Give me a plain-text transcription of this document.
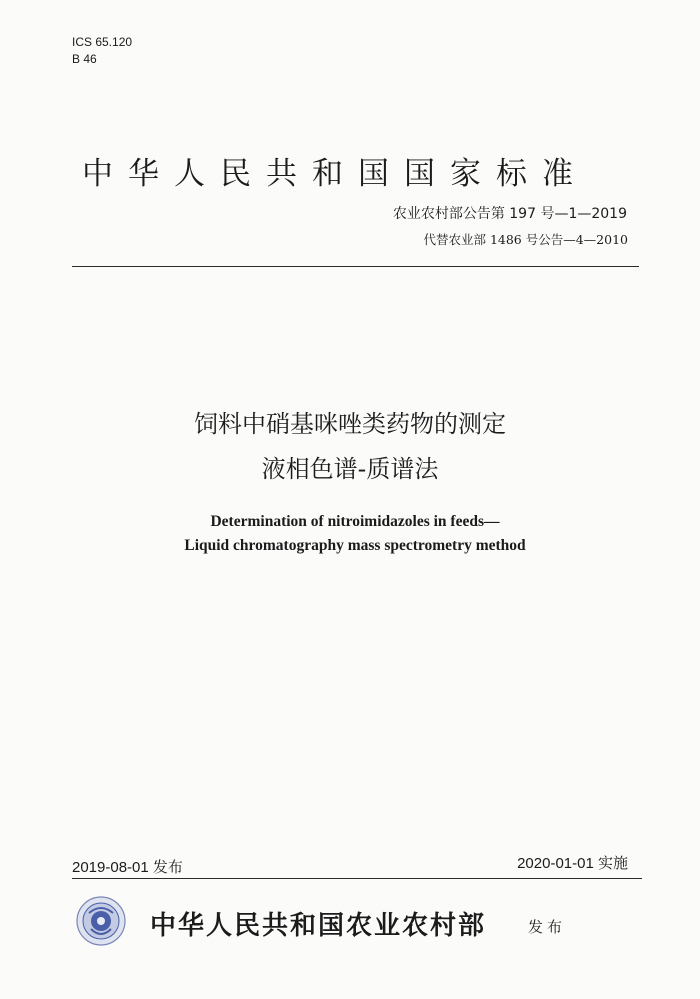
ICS 65.120
B 46
中华人民共和国国家标准
农业农村部公告第 197 号—1—2019
代替农业部 1486 号公告—4—2010
饲料中硝基咪唑类药物的测定
液相色谱-质谱法
Determination of nitroimidazoles in feeds—
Liquid chromatography mass spectrometry method
2019-08-01 发布	2020-01-01 实施
中华人民共和国农业农村部	发布
